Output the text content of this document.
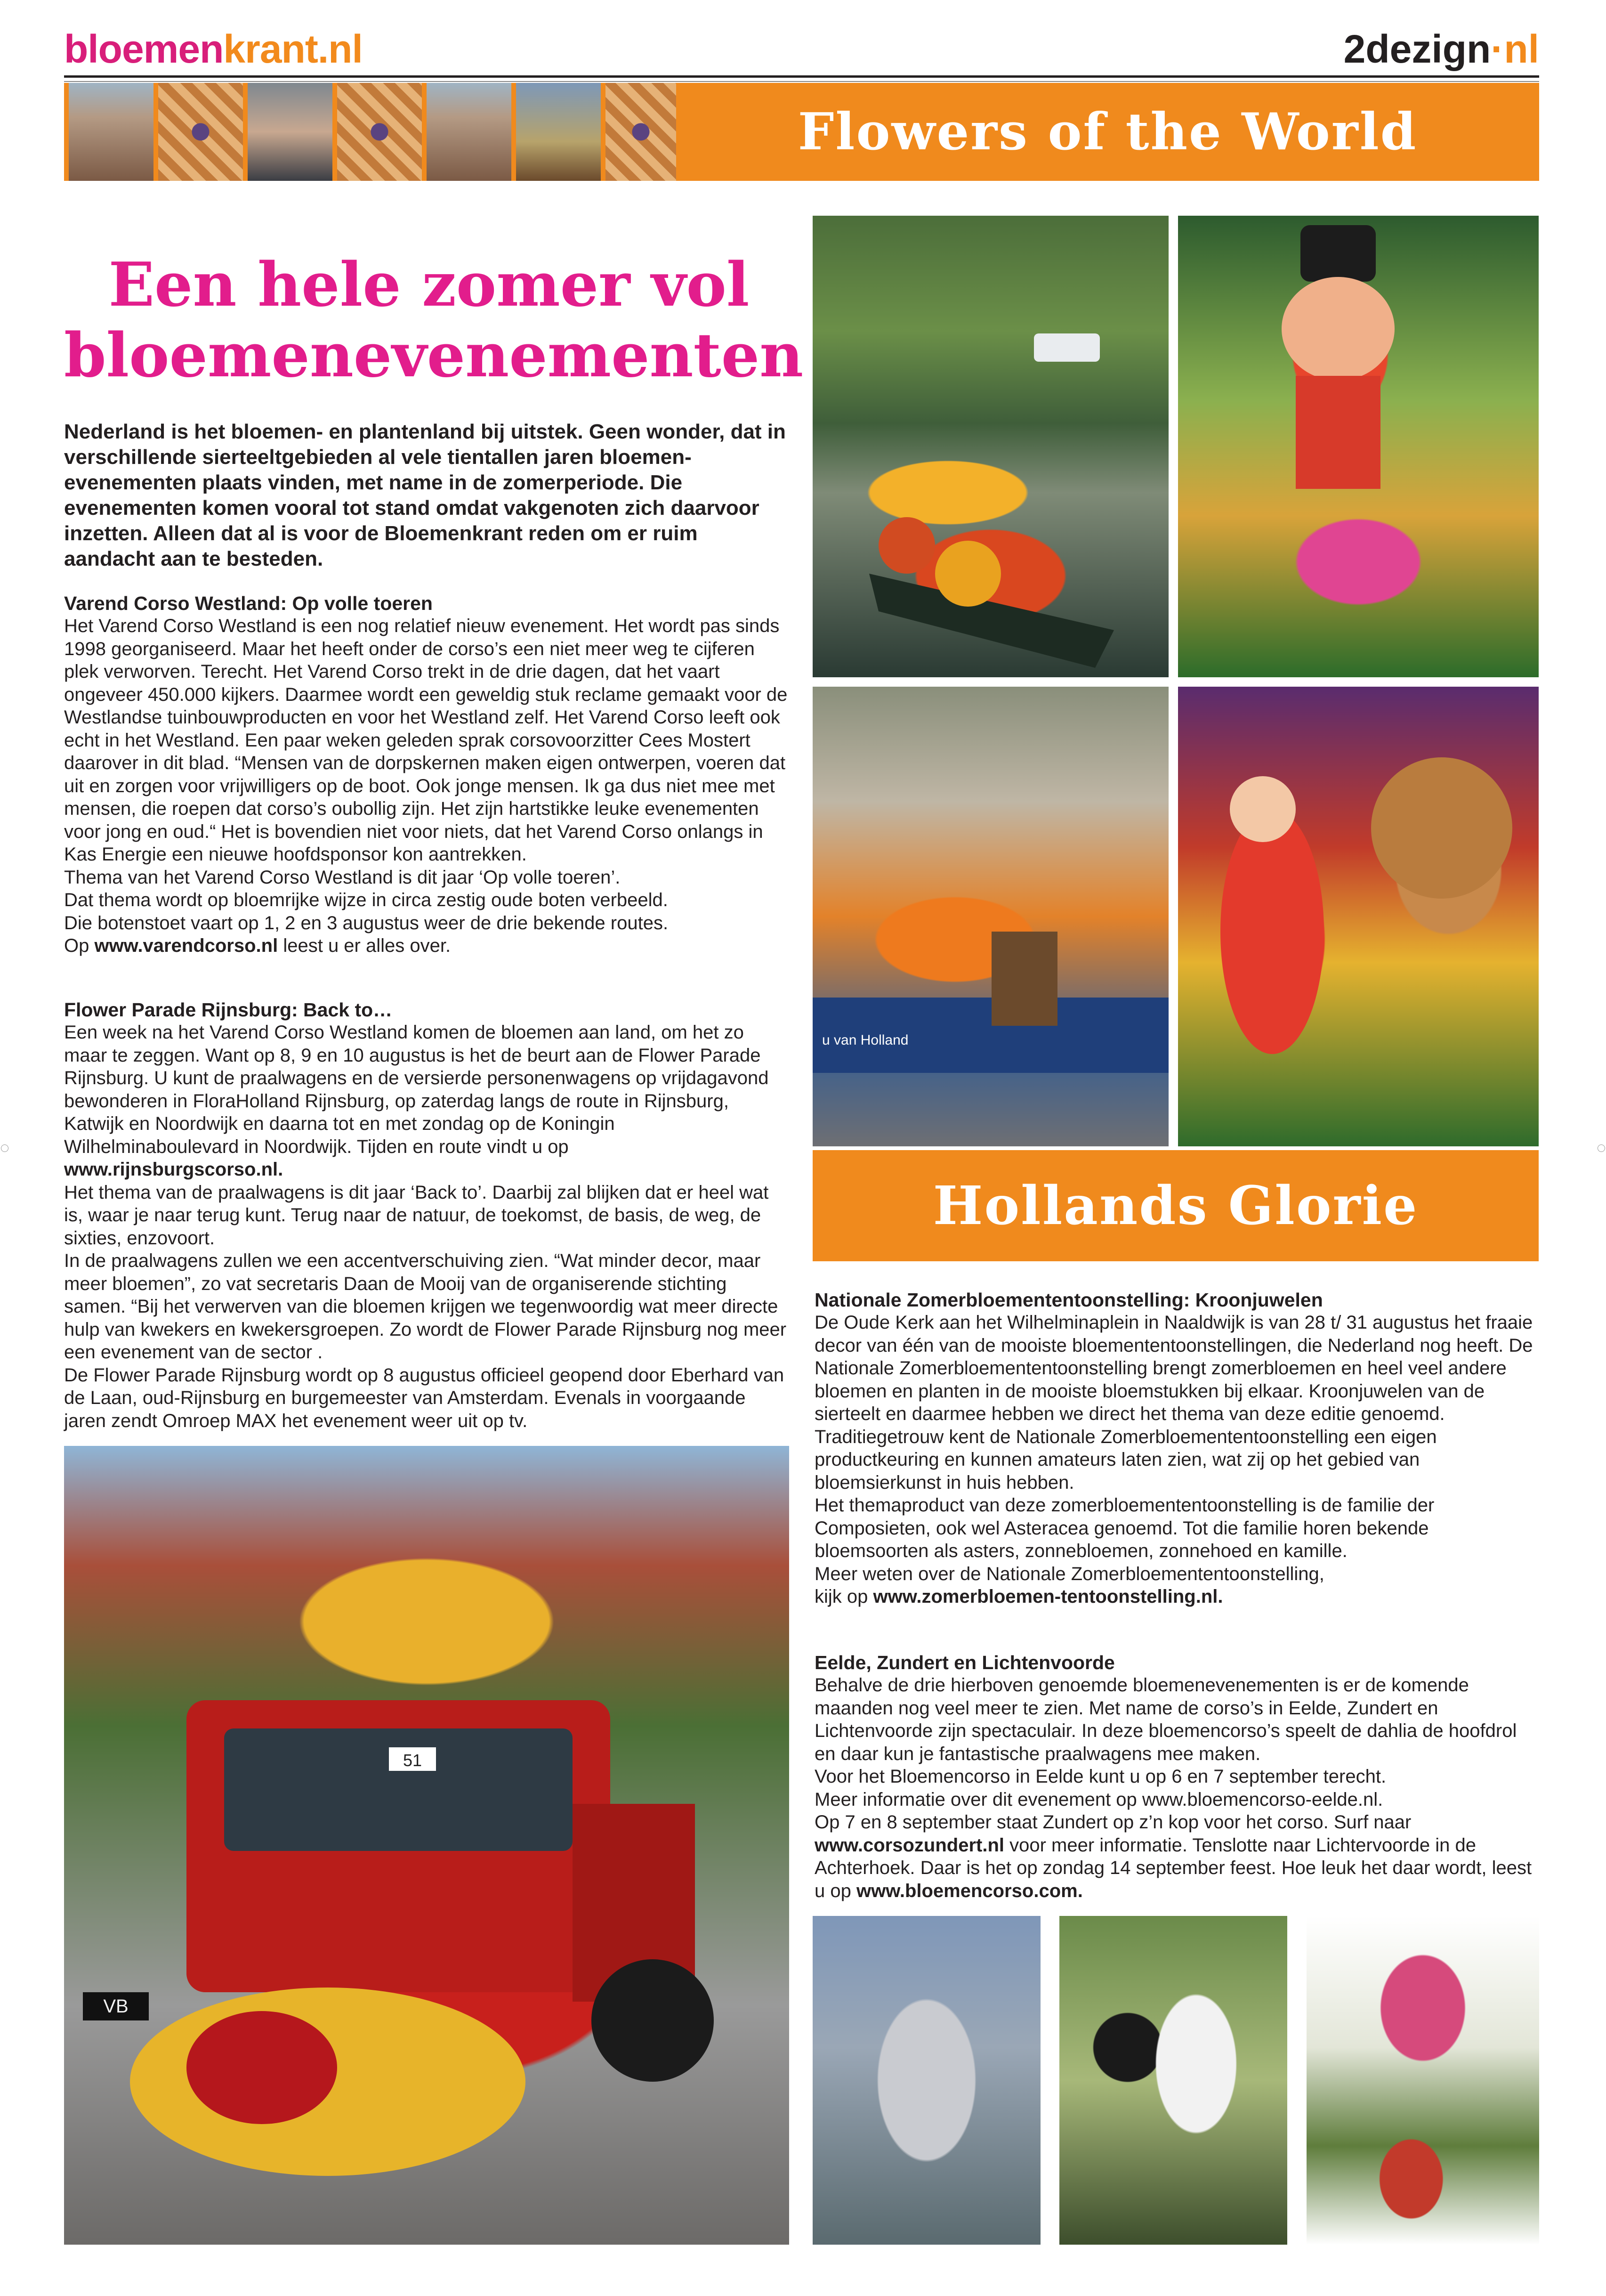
bloemenkrant.nl	2dezign·nl
Flowers of the World
Een hele zomer vol
bloemenevenementen
Nederland is het bloemen- en plantenland bij uitstek. Geen wonder, dat in verschillende sierteeltgebieden al vele tientallen jaren bloemen-evenementen plaats vinden, met name in de zomerperiode. Die evenementen komen vooral tot stand omdat vakgenoten zich daarvoor inzetten. Alleen dat al is voor de Bloemenkrant reden om er ruim aandacht aan te besteden.
Varend Corso Westland: Op volle toeren

Het Varend Corso Westland is een nog relatief nieuw evenement. Het wordt pas sinds 1998 georganiseerd. Maar het heeft onder de corso’s een niet meer weg te cijferen plek verworven. Terecht. Het Varend Corso trekt in de drie dagen, dat het vaart ongeveer 450.000 kijkers. Daarmee wordt een geweldig stuk reclame gemaakt voor de Westlandse tuinbouwproducten en voor het Westland zelf. Het Varend Corso leeft ook echt in het Westland. Een paar weken geleden sprak corsovoorzitter Cees Mostert daarover in dit blad. “Mensen van de dorpskernen maken eigen ontwerpen, voeren dat uit en zorgen voor vrijwilligers op de boot. Ook jonge mensen. Ik ga dus niet mee met mensen, die roepen dat corso’s oubollig zijn. Het zijn hartstikke leuke evenementen voor jong en oud.“ Het is bovendien niet voor niets, dat het Varend Corso onlangs in Kas Energie een nieuwe hoofdsponsor kon aantrekken.

Thema van het Varend Corso Westland is dit jaar ‘Op volle toeren’.

Dat thema wordt op bloemrijke wijze in circa zestig oude boten verbeeld.

Die botenstoet vaart op 1, 2 en 3 augustus weer de drie bekende routes.

Op www.varendcorso.nl leest u er alles over.

Flower Parade Rijnsburg: Back to…

Een week na het Varend Corso Westland komen de bloemen aan land, om het zo maar te zeggen. Want op 8, 9 en 10 augustus is het de beurt aan de Flower Parade Rijnsburg. U kunt de praalwagens en de versierde personenwagens op vrijdagavond bewonderen in FloraHolland Rijnsburg, op zaterdag langs de route in Rijnsburg, Katwijk en Noordwijk en daarna tot en met zondag op de Koningin Wilhelminaboulevard in Noordwijk. Tijden en route vindt u op

www.rijnsburgscorso.nl.

Het thema van de praalwagens is dit jaar ‘Back to’. Daarbij zal blijken dat er heel wat is, waar je naar terug kunt. Terug naar de natuur, de toekomst, de basis, de weg, de sixties, enzovoort.

In de praalwagens zullen we een accentverschuiving zien. “Wat minder decor, maar meer bloemen”, zo vat secretaris Daan de Mooij van de organiserende stichting samen. “Bij het verwerven van die bloemen krijgen we tegenwoordig wat meer directe hulp van kwekers en kwekersgroepen. Zo wordt de Flower Parade Rijnsburg nog meer een evenement van de sector .

De Flower Parade Rijnsburg wordt op 8 augustus officieel geopend door Eberhard van de Laan, oud-Rijnsburg en burgemeester van Amsterdam. Evenals in voorgaande jaren zendt Omroep MAX het evenement weer uit op tv.

u van Holland
Hollands Glorie
Nationale Zomerbloemententoonstelling: Kroonjuwelen

De Oude Kerk aan het Wilhelminaplein in Naaldwijk is van 28 t/ 31 augustus het fraaie decor van één van de mooiste bloemententoonstellingen, die Nederland nog heeft. De Nationale Zomerbloemententoonstelling brengt zomerbloemen en heel veel andere bloemen en planten in de mooiste bloemstukken bij elkaar. Kroonjuwelen van de sierteelt en daarmee hebben we direct het thema van deze editie genoemd.

Traditiegetrouw kent de Nationale Zomerbloemententoonstelling een eigen productkeuring en kunnen amateurs laten zien, wat zij op het gebied van bloemsierkunst in huis hebben.

Het themaproduct van deze zomerbloemententoonstelling is de familie der Composieten, ook wel Asteracea genoemd. Tot die familie horen bekende bloemsoorten als asters, zonnebloemen, zonnehoed en kamille.

Meer weten over de Nationale Zomerbloemententoonstelling,

kijk op www.zomerbloemen-tentoonstelling.nl.

Eelde, Zundert en Lichtenvoorde

Behalve de drie hierboven genoemde bloemenevenementen is er de komende maanden nog veel meer te zien. Met name de corso’s in Eelde, Zundert en Lichtenvoorde zijn spectaculair. In deze bloemencorso’s speelt de dahlia de hoofdrol en daar kun je fantastische praalwagens mee maken.

Voor het Bloemencorso in Eelde kunt u op 6 en 7 september terecht.

Meer informatie over dit evenement op www.bloemencorso-eelde.nl.

Op 7 en 8 september staat Zundert op z’n kop voor het corso. Surf naar

www.corsozundert.nl voor meer informatie. Tenslotte naar Lichtervoorde in de Achterhoek. Daar is het op zondag 14 september feest. Hoe leuk het daar wordt, leest u op www.bloemencorso.com.

51
VB
